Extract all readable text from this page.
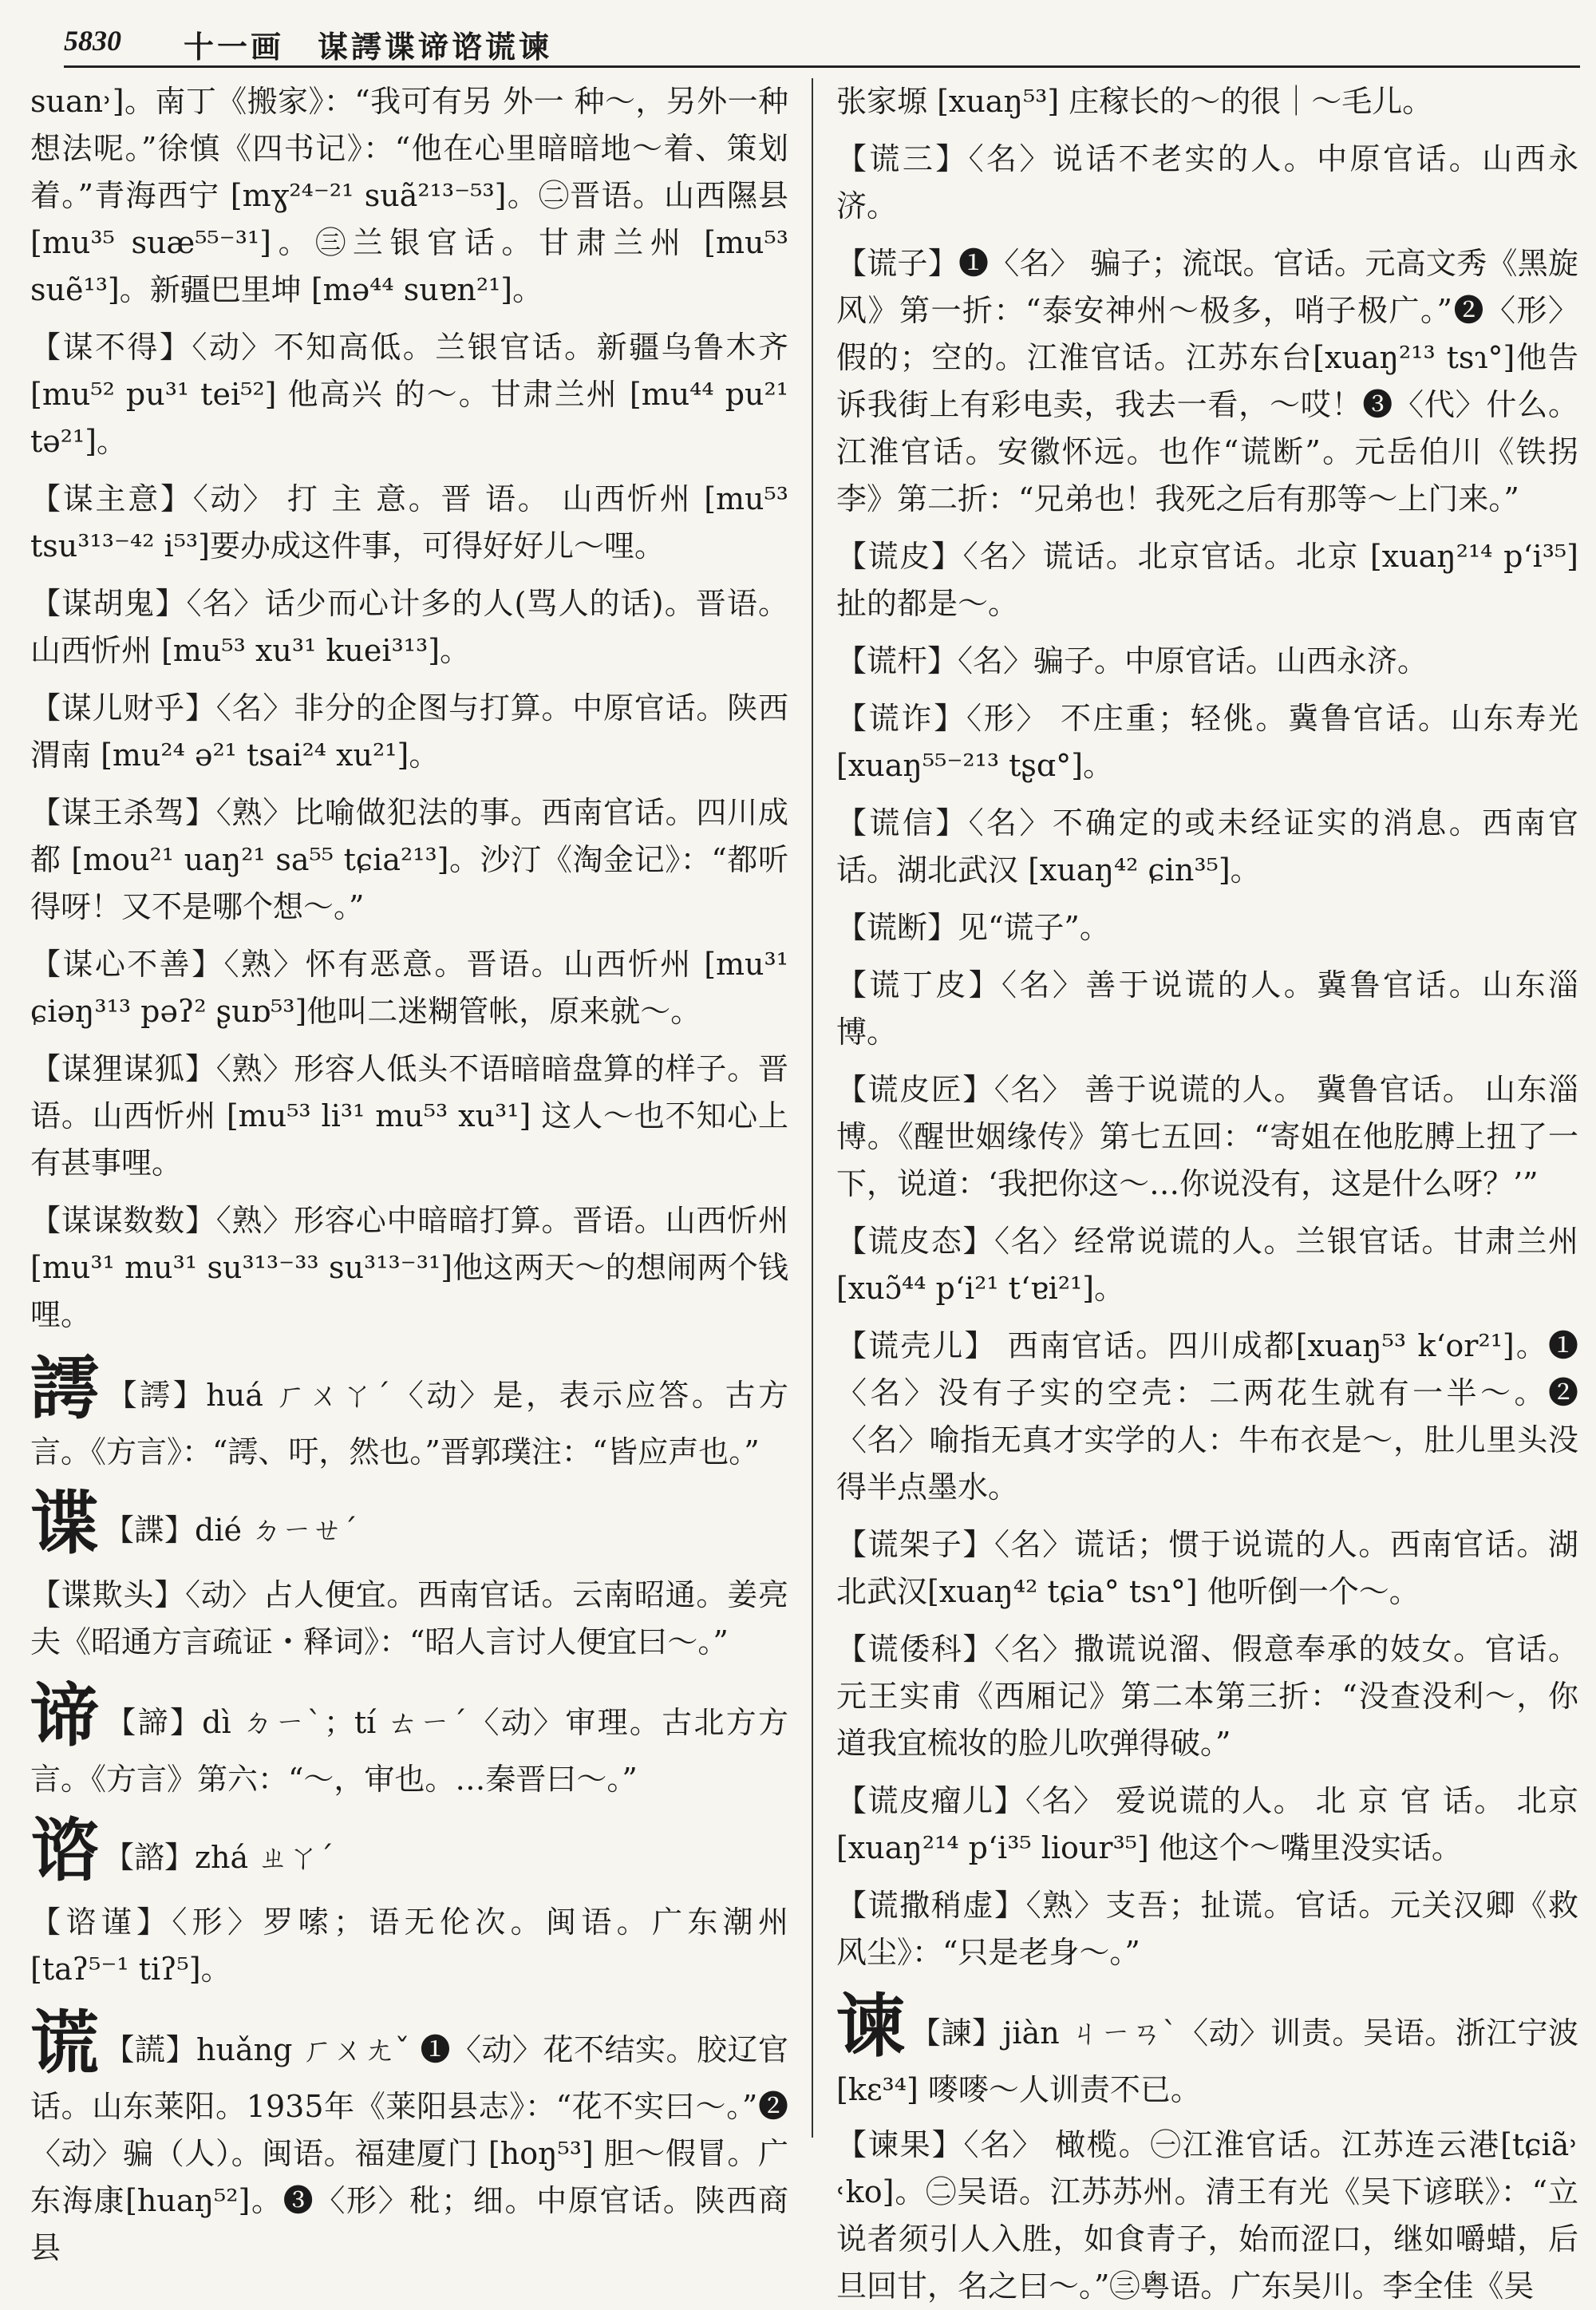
5830 十一画　谋謣谍谛谘谎谏

suan˒]。南丁《搬家》：“我可有另 外一 种～，另外一种想法呢。”徐慎《四书记》：“他在心里暗暗地～着、策划着。”青海西宁 [mɣ²⁴⁻²¹ suã²¹³⁻⁵³]。㊁晋语。山西隰县 [mu³⁵ suæ⁵⁵⁻³¹]。㊂兰银官话。甘肃兰州 [mu⁵³ suẽ¹³]。新疆巴里坤 [mə⁴⁴ suɐn²¹]。

【谋不得】〈动〉不知高低。兰银官话。新疆乌鲁木齐 [mu⁵² pu³¹ tei⁵²] 他高兴 的～。甘肃兰州 [mu⁴⁴ pu²¹ tə²¹]。

【谋主意】〈动〉 打 主 意。晋 语。 山西忻州 [mu⁵³ tsu³¹³⁻⁴² i⁵³]要办成这件事，可得好好儿～哩。

【谋胡鬼】〈名〉话少而心计多的人(骂人的话)。晋语。山西忻州 [mu⁵³ xu³¹ kuei³¹³]。

【谋儿财乎】〈名〉非分的企图与打算。中原官话。陕西渭南 [mu²⁴ ə²¹ tsai²⁴ xu²¹]。

【谋王杀驾】〈熟〉比喻做犯法的事。西南官话。四川成都 [mou²¹ uaŋ²¹ sa⁵⁵ tɕia²¹³]。沙汀《淘金记》：“都听得呀！又不是哪个想～。”

【谋心不善】〈熟〉怀有恶意。晋语。山西忻州 [mu³¹ ɕiəŋ³¹³ pəʔ² ʂuɒ⁵³]他叫二迷糊管帐，原来就～。

【谋狸谋狐】〈熟〉形容人低头不语暗暗盘算的样子。晋语。山西忻州 [mu⁵³ li³¹ mu⁵³ xu³¹] 这人～也不知心上有甚事哩。

【谋谋数数】〈熟〉形容心中暗暗打算。晋语。山西忻州 [mu³¹ mu³¹ su³¹³⁻³³ su³¹³⁻³¹]他这两天～的想闹两个钱哩。

謣 【謣】huá ㄏㄨㄚˊ〈动〉是，表示应答。古方言。《方言》：“謣、吁，然也。”晋郭璞注：“皆应声也。”

谍 【諜】dié ㄉㄧㄝˊ

【谍欺头】〈动〉占人便宜。西南官话。云南昭通。姜亮夫《昭通方言疏证・释词》：“昭人言讨人便宜曰～。”

谛 【諦】dì ㄉㄧˋ；tí ㄊㄧˊ〈动〉审理。古北方方言。《方言》第六：“～，审也。…秦晋曰～。”

谘 【諮】zhá ㄓㄚˊ

【谘谨】〈形〉罗嗦；语无伦次。闽语。广东潮州 [taʔ⁵⁻¹ tiʔ⁵]。

谎 【謊】huǎng ㄏㄨㄤˇ ❶〈动〉花不结实。胶辽官话。山东莱阳。1935年《莱阳县志》：“花不实曰～。”❷〈动〉骗（人）。闽语。福建厦门 [hoŋ⁵³] 胆～假冒。广东海康[huaŋ⁵²]。❸〈形〉秕；细。中原官话。陕西商县

张家塬 [xuaŋ⁵³] 庄稼长的～的很｜～毛儿。

【谎三】〈名〉说话不老实的人。中原官话。山西永济。

【谎子】❶〈名〉 骗子；流氓。官话。元高文秀《黑旋风》第一折：“泰安神州～极多，哨子极广。”❷〈形〉假的；空的。江淮官话。江苏东台[xuaŋ²¹³ tsɿ°]他告诉我街上有彩电卖，我去一看，～哎！❸〈代〉什么。江淮官话。安徽怀远。也作“谎断”。元岳伯川《铁拐李》第二折：“兄弟也！我死之后有那等～上门来。”

【谎皮】〈名〉谎话。北京官话。北京 [xuaŋ²¹⁴ pʻi³⁵] 扯的都是～。

【谎杆】〈名〉骗子。中原官话。山西永济。

【谎诈】〈形〉 不庄重；轻佻。冀鲁官话。山东寿光 [xuaŋ⁵⁵⁻²¹³ tʂɑ°]。

【谎信】〈名〉不确定的或未经证实的消息。西南官话。湖北武汉 [xuaŋ⁴² ɕin³⁵]。

【谎断】见“谎子”。

【谎丁皮】〈名〉善于说谎的人。冀鲁官话。山东淄博。

【谎皮匠】〈名〉 善于说谎的人。 冀鲁官话。 山东淄博。《醒世姻缘传》第七五回：“寄姐在他肐膊上扭了一下，说道：‘我把你这～…你说没有，这是什么呀？’”

【谎皮态】〈名〉经常说谎的人。兰银官话。甘肃兰州 [xuɔ̃⁴⁴ pʻi²¹ tʻɐi²¹]。

【谎壳儿】 西南官话。四川成都[xuaŋ⁵³ kʻor²¹]。❶〈名〉没有子实的空壳：二两花生就有一半～。❷〈名〉喻指无真才实学的人：牛布衣是～，肚儿里头没得半点墨水。

【谎架子】〈名〉谎话；惯于说谎的人。西南官话。湖北武汉[xuaŋ⁴² tɕia° tsɿ°] 他听倒一个～。

【谎倭科】〈名〉撒谎说溜、假意奉承的妓女。官话。元王实甫《西厢记》第二本第三折：“没查没利～，你道我宜梳妆的脸儿吹弹得破。”

【谎皮瘤儿】〈名〉 爱说谎的人。 北 京 官 话。 北京 [xuaŋ²¹⁴ pʻi³⁵ liour³⁵] 他这个～嘴里没实话。

【谎撒稍虚】〈熟〉支吾；扯谎。官话。元关汉卿《救风尘》：“只是老身～。”

谏 【諫】jiàn ㄐㄧㄢˋ〈动〉训责。吴语。浙江宁波[kɛ³⁴] 嘜嘜～人训责不已。

【谏果】〈名〉 橄榄。㊀江淮官话。江苏连云港[tɕiã˒ ˓ko]。㊁吴语。江苏苏州。清王有光《吴下谚联》：“立说者须引人入胜，如食青子，始而涩口，继如嚼蜡，后旦回甘，名之曰～。”㊂粤语。广东吴川。李全佳《吴
